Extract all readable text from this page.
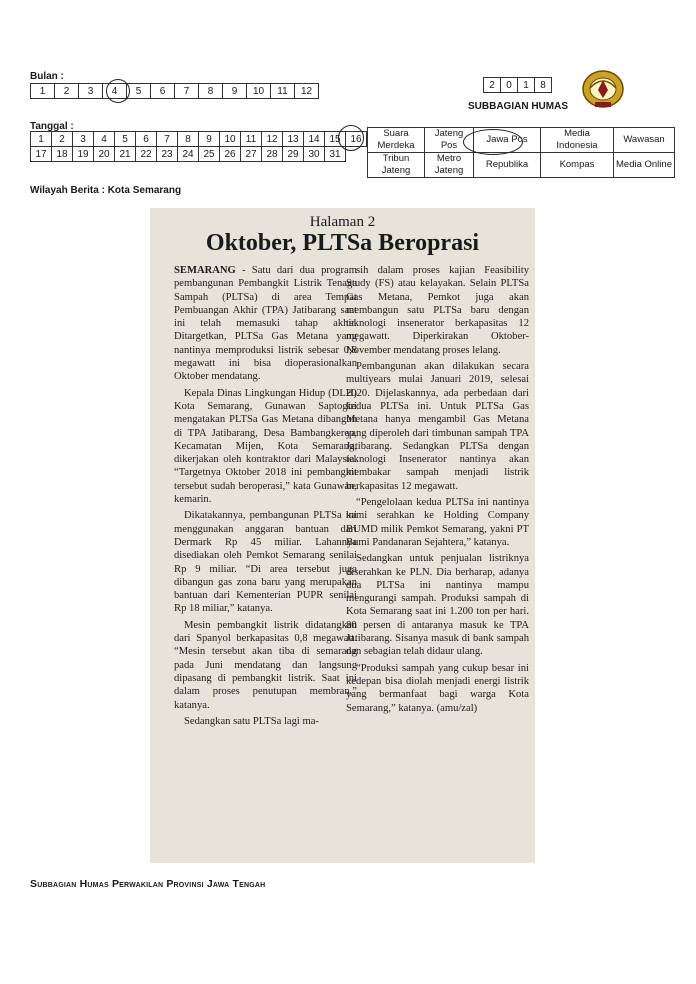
Bulan :
1	2	3	4	5	6	7	8	9	10	11	12
2	0	1	8
SUBBAGIAN HUMAS
Tanggal :
1	2	3	4	5	6	7	8	9	10	11	12	13	14	15	16
17	18	19	20	21	22	23	24	25	26	27	28	29	30	31	
Suara Merdeka	Jateng Pos	Jawa Pos	Media Indonesia	Wawasan
Tribun Jateng	Metro Jateng	Republika	Kompas	Media Online
Wilayah Berita : Kota Semarang
Halaman 2
Oktober, PLTSa Beroprasi

SEMARANG - Satu dari dua program pembangunan Pembangkit Listrik Tenaga Sampah (PLTSa) di area Tempat Pembuangan Akhir (TPA) Jatibarang saat ini telah memasuki tahap akhir. Ditargetkan, PLTSa Gas Metana yang nantinya memproduksi listrik sebesar 0,8 megawatt ini bisa dioperasionalkan Oktober mendatang.

Kepala Dinas Lingkungan Hidup (DLH) Kota Semarang, Gunawan Saptogiri mengatakan PLTSa Gas Metana dibangun di TPA Jatibarang, Desa Bambangkerep, Kecamatan Mijen, Kota Semarang, dikerjakan oleh kontraktor dari Malaysia. “Targetnya Oktober 2018 ini pembangkit tersebut sudah beroperasi,” kata Gunawan, kemarin.

Dikatakannya, pembangunan PLTSa ini menggunakan anggaran bantuan dari Dermark Rp 45 miliar. Lahannya disediakan oleh Pemkot Semarang senilai Rp 9 miliar. “Di area tersebut juga dibangun gas zona baru yang merupakan bantuan dari Kementerian PUPR senilai Rp 18 miliar,” katanya.

Mesin pembangkit listrik didatangkan dari Spanyol berkapasitas 0,8 megawatt. “Mesin tersebut akan tiba di semarang pada Juni mendatang dan langsung dipasang di pembangkit listrik. Saat ini dalam proses penutupan membran,” katanya.

Sedangkan satu PLTSa lagi ma-

sih dalam proses kajian Feasibility Study (FS) atau kelayakan. Selain PLTSa Gas Metana, Pemkot juga akan membangun satu PLTSa baru dengan teknologi insenerator berkapasitas 12 megawatt. Diperkirakan Oktober-November mendatang proses lelang.

Pembangunan akan dilakukan secara multiyears mulai Januari 2019, selesai 2020. Dijelaskannya, ada perbedaan dari kedua PLTSa ini. Untuk PLTSa Gas Metana hanya mengambil Gas Metana yang diperoleh dari timbunan sampah TPA Jatibarang. Sedangkan PLTSa dengan teknologi Insenerator nantinya akan membakar sampah menjadi listrik berkapasitas 12 megawatt.

“Pengelolaan kedua PLTSa ini nantinya kami serahkan ke Holding Company BUMD milik Pemkot Semarang, yakni PT Bumi Pandanaran Sejahtera,” katanya.

Sedangkan untuk penjualan listriknya diserahkan ke PLN. Dia berharap, adanya dua PLTSa ini nantinya mampu mengurangi sampah. Produksi sampah di Kota Semarang saat ini 1.200 ton per hari. 80 persen di antaranya masuk ke TPA Jatibarang. Sisanya masuk di bank sampah dan sebagian telah didaur ulang.

“Produksi sampah yang cukup besar ini kedepan bisa diolah menjadi energi listrik yang bermanfaat bagi warga Kota Semarang,” katanya. (amu/zal)

Subbagian Humas Perwakilan Provinsi Jawa Tengah
